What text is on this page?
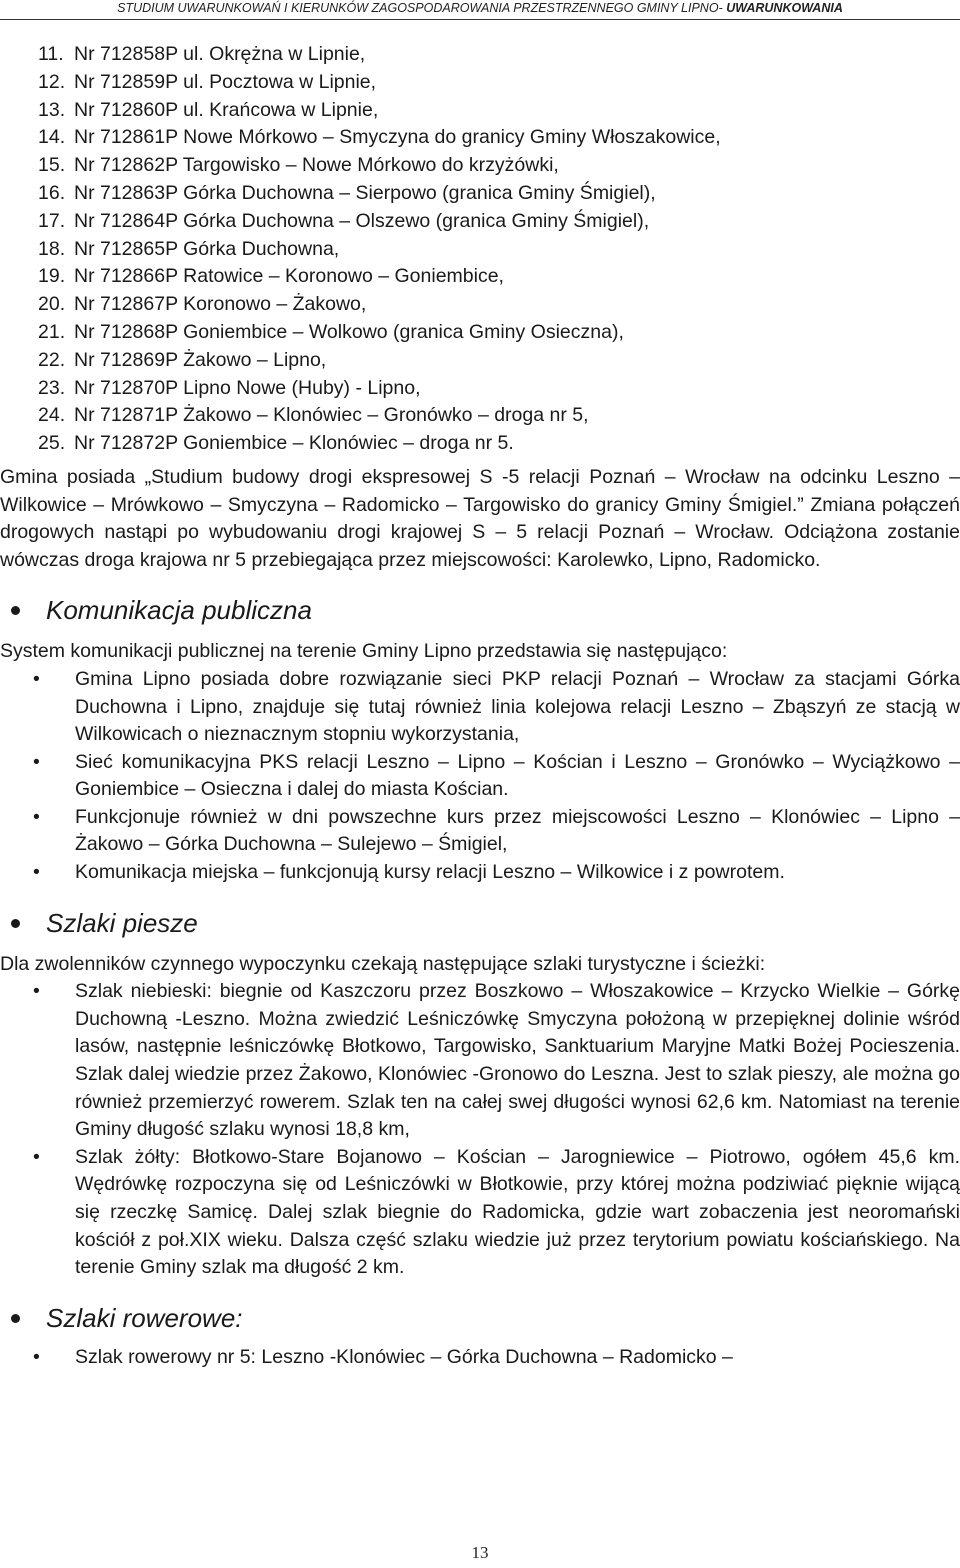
STUDIUM UWARUNKOWAŃ I KIERUNKÓW ZAGOSPODAROWANIA PRZESTRZENNEGO GMINY LIPNO- UWARUNKOWANIA
11. Nr 712858P ul. Okrężna w Lipnie,
12. Nr 712859P ul. Pocztowa w Lipnie,
13. Nr 712860P ul. Krańcowa w Lipnie,
14. Nr 712861P Nowe Mórkowo – Smyczyna do granicy Gminy Włoszakowice,
15. Nr 712862P Targowisko – Nowe Mórkowo do krzyżówki,
16. Nr 712863P Górka Duchowna – Sierpowo (granica Gminy Śmigiel),
17. Nr 712864P Górka Duchowna – Olszewo (granica Gminy Śmigiel),
18. Nr 712865P Górka Duchowna,
19. Nr 712866P Ratowice – Koronowo – Goniembice,
20. Nr 712867P Koronowo – Żakowo,
21. Nr 712868P Goniembice – Wolkowo (granica Gminy Osieczna),
22. Nr 712869P Żakowo – Lipno,
23. Nr 712870P Lipno Nowe (Huby) - Lipno,
24. Nr 712871P Żakowo – Klonówiec – Gronówko – droga nr 5,
25. Nr 712872P Goniembice – Klonówiec – droga nr 5.

Gmina posiada „Studium budowy drogi ekspresowej S -5 relacji Poznań – Wrocław na odcinku Leszno – Wilkowice – Mrówkowo – Smyczyna – Radomicko – Targowisko do granicy Gminy Śmigiel.” Zmiana połączeń drogowych nastąpi po wybudowaniu drogi krajowej S – 5 relacji Poznań – Wrocław. Odciążona zostanie wówczas droga krajowa nr 5 przebiegająca przez miejscowości: Karolewko, Lipno, Radomicko.

Komunikacja publiczna

System komunikacji publicznej na terenie Gminy Lipno przedstawia się następująco:

• Gmina Lipno posiada dobre rozwiązanie sieci PKP relacji Poznań – Wrocław za stacjami Górka Duchowna i Lipno, znajduje się tutaj również linia kolejowa relacji Leszno – Zbąszyń ze stacją w Wilkowicach o nieznacznym stopniu wykorzystania,
• Sieć komunikacyjna PKS relacji Leszno – Lipno – Kościan i Leszno – Gronówko – Wyciążkowo – Goniembice – Osieczna i dalej do miasta Kościan.
• Funkcjonuje również w dni powszechne kurs przez miejscowości Leszno – Klonówiec – Lipno – Żakowo – Górka Duchowna – Sulejewo – Śmigiel,
• Komunikacja miejska – funkcjonują kursy relacji Leszno – Wilkowice i z powrotem.
Szlaki piesze

Dla zwolenników czynnego wypoczynku czekają następujące szlaki turystyczne i ścieżki:

• Szlak niebieski: biegnie od Kaszczoru przez Boszkowo – Włoszakowice – Krzycko Wielkie – Górkę Duchowną -Leszno. Można zwiedzić Leśniczówkę Smyczyna położoną w przepięknej dolinie wśród lasów, następnie leśniczówkę Błotkowo, Targowisko, Sanktuarium Maryjne Matki Bożej Pocieszenia. Szlak dalej wiedzie przez Żakowo, Klonówiec -Gronowo do Leszna. Jest to szlak pieszy, ale można go również przemierzyć rowerem. Szlak ten na całej swej długości wynosi 62,6 km. Natomiast na terenie Gminy długość szlaku wynosi 18,8 km,
• Szlak żółty: Błotkowo-Stare Bojanowo – Kościan – Jarogniewice – Piotrowo, ogółem 45,6 km. Wędrówkę rozpoczyna się od Leśniczówki w Błotkowie, przy której można podziwiać pięknie wijącą się rzeczkę Samicę. Dalej szlak biegnie do Radomicka, gdzie wart zobaczenia jest neoromański kościół z poł.XIX wieku. Dalsza część szlaku wiedzie już przez terytorium powiatu kościańskiego. Na terenie Gminy szlak ma długość 2 km.
Szlaki rowerowe:
• Szlak rowerowy nr 5: Leszno -Klonówiec – Górka Duchowna – Radomicko –
13
